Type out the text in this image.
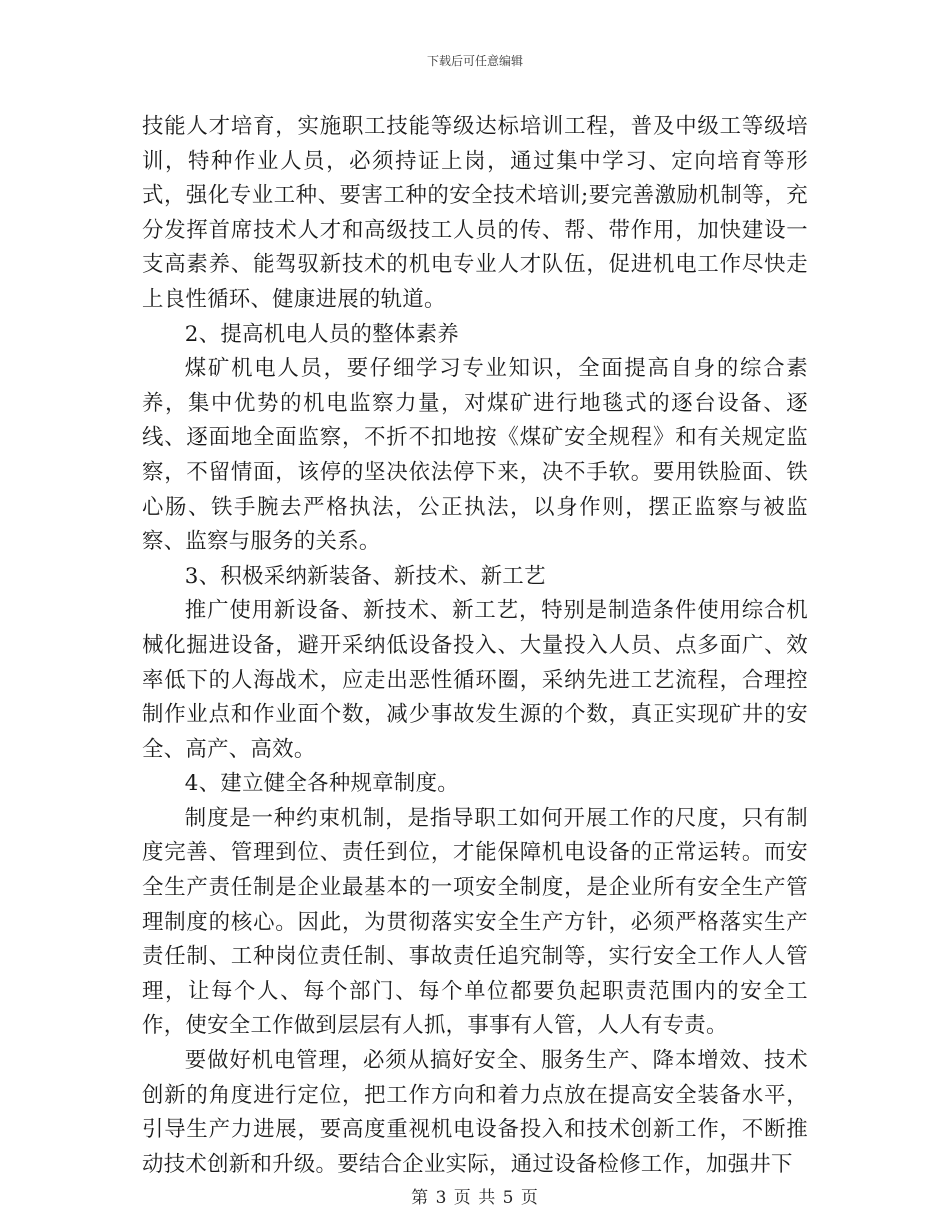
下载后可任意编辑

技能人才培育，实施职工技能等级达标培训工程，普及中级工等级培训，特种作业人员，必须持证上岗，通过集中学习、定向培育等形式，强化专业工种、要害工种的安全技术培训;要完善激励机制等，充分发挥首席技术人才和高级技工人员的传、帮、带作用，加快建设一支高素养、能驾驭新技术的机电专业人才队伍，促进机电工作尽快走上良性循环、健康进展的轨道。

2、提高机电人员的整体素养

煤矿机电人员，要仔细学习专业知识，全面提高自身的综合素养，集中优势的机电监察力量，对煤矿进行地毯式的逐台设备、逐线、逐面地全面监察，不折不扣地按《煤矿安全规程》和有关规定监察，不留情面，该停的坚决依法停下来，决不手软。要用铁脸面、铁心肠、铁手腕去严格执法，公正执法，以身作则，摆正监察与被监察、监察与服务的关系。

3、积极采纳新装备、新技术、新工艺

推广使用新设备、新技术、新工艺，特别是制造条件使用综合机械化掘进设备，避开采纳低设备投入、大量投入人员、点多面广、效率低下的人海战术，应走出恶性循环圈，采纳先进工艺流程，合理控制作业点和作业面个数，减少事故发生源的个数，真正实现矿井的安全、高产、高效。

4、建立健全各种规章制度。

制度是一种约束机制，是指导职工如何开展工作的尺度，只有制度完善、管理到位、责任到位，才能保障机电设备的正常运转。而安全生产责任制是企业最基本的一项安全制度，是企业所有安全生产管理制度的核心。因此，为贯彻落实安全生产方针，必须严格落实生产责任制、工种岗位责任制、事故责任追究制等，实行安全工作人人管理，让每个人、每个部门、每个单位都要负起职责范围内的安全工作，使安全工作做到层层有人抓，事事有人管，人人有专责。

要做好机电管理，必须从搞好安全、服务生产、降本增效、技术创新的角度进行定位，把工作方向和着力点放在提高安全装备水平，引导生产力进展，要高度重视机电设备投入和技术创新工作，不断推动技术创新和升级。要结合企业实际，通过设备检修工作，加强井下

第 3 页 共 5 页
